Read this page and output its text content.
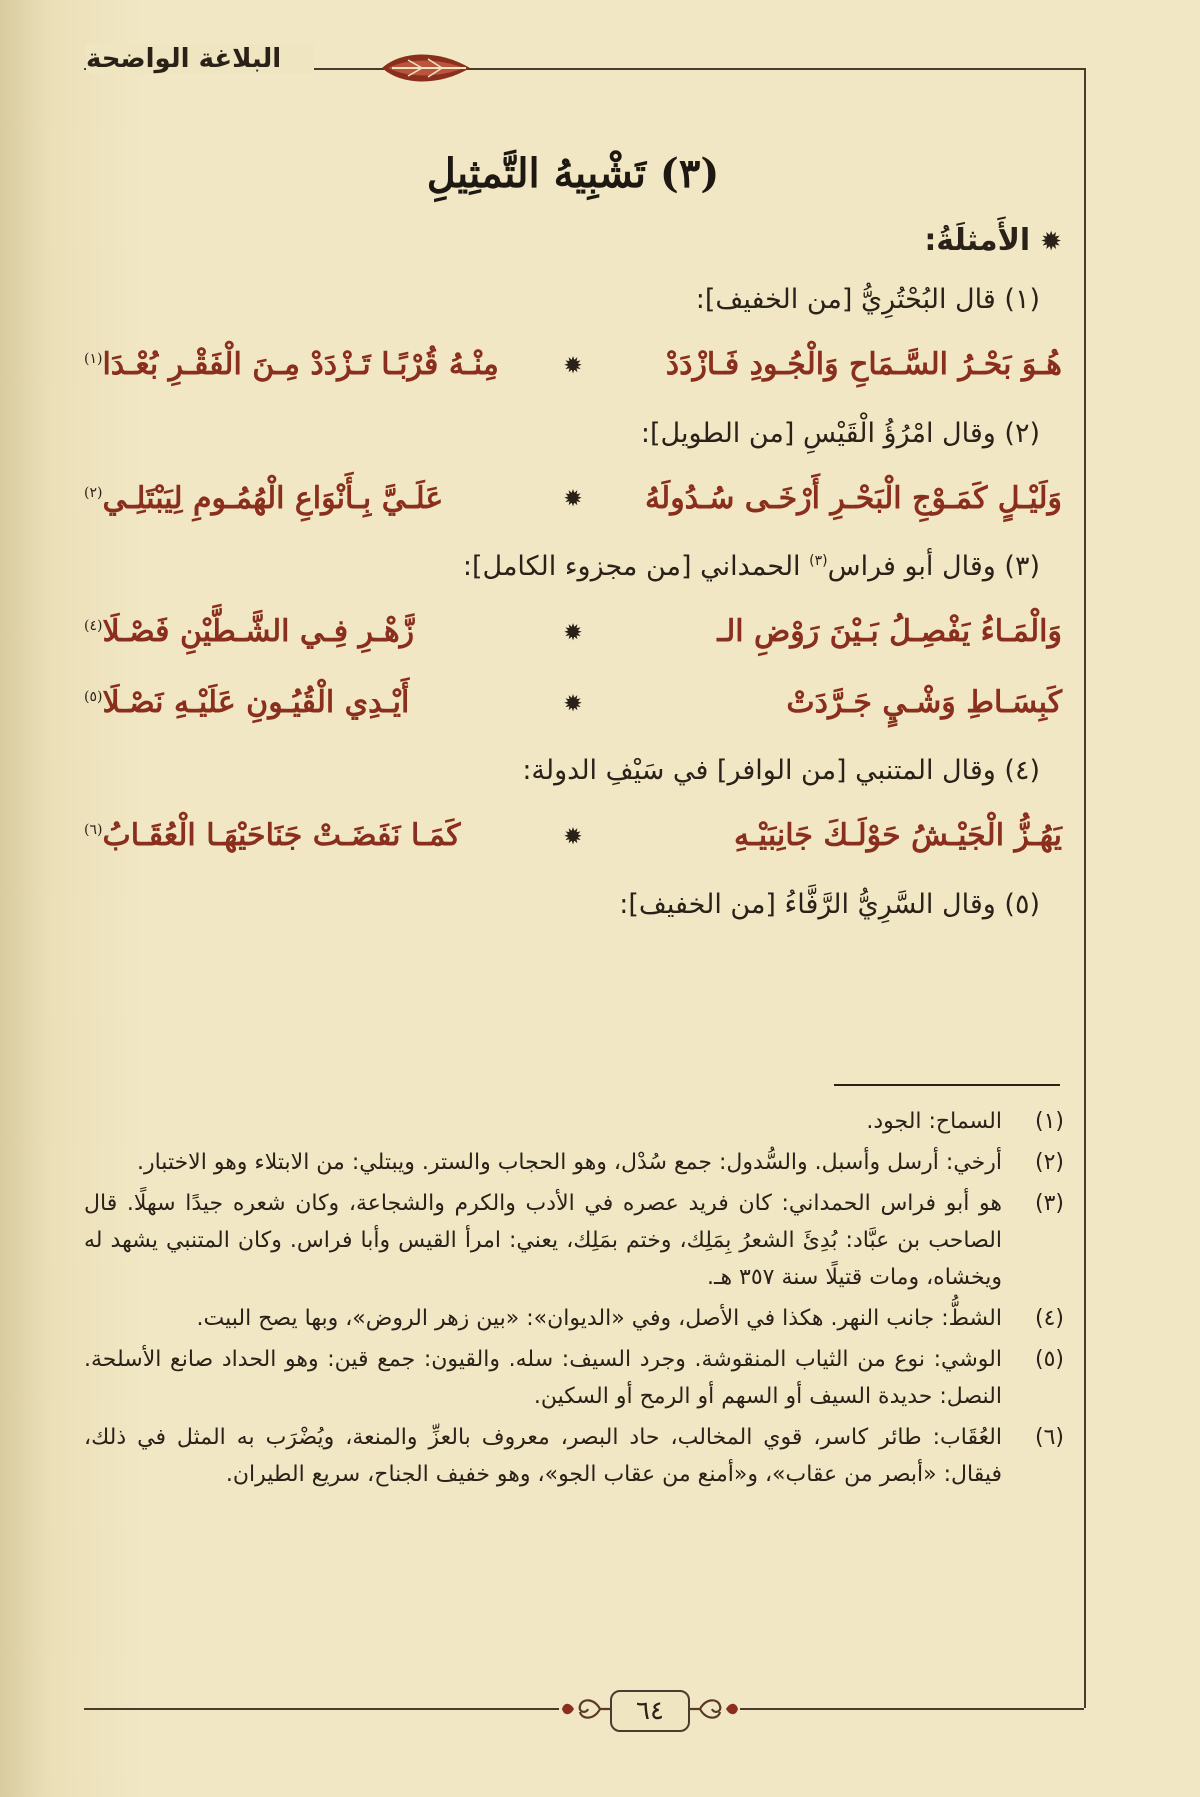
البلاغة الواضحة
(٣) تَشْبِيهُ التَّمثِيلِ
✹الأَمثلَةُ:
(١) قال البُحْتُرِيُّ [من الخفيف]:
هُـوَ بَحْـرُ السَّـمَاحِ وَالْجُـودِ فَـازْدَدْ
✹
مِنْـهُ قُرْبًـا تَـزْدَدْ مِـنَ الْفَقْـرِ بُعْـدَا$^{(١)}$
(٢) وقال امْرُؤُ الْقَيْسِ [من الطويل]:
وَلَيْـلٍ كَمَـوْجِ الْبَحْـرِ أَرْخَـى سُـدُولَهُ
✹
عَلَـيَّ بِـأَنْوَاعِ الْهُمُـومِ لِيَبْتَلِـي$^{(٢)}$
(٣) وقال أبو فراس$^{(٣)}$ الحمداني [من مجزوء الكامل]:
وَالْمَـاءُ يَفْصِـلُ بَـيْنَ رَوْضِ الـ
✹
زَّهْـرِ فِـي الشَّـطَّيْنِ فَصْـلَا$^{(٤)}$
كَبِسَـاطِ وَشْـيٍ جَـرَّدَتْ
✹
أَيْـدِي الْقُيُـونِ عَلَيْـهِ نَصْـلَا$^{(٥)}$
(٤) وقال المتنبي [من الوافر] في سَيْفِ الدولة:
يَهُـزُّ الْجَيْـشُ حَوْلَـكَ جَانِبَيْـهِ
✹
كَمَـا نَفَضَـتْ جَنَاحَيْهَـا الْعُقَـابُ$^{(٦)}$
(٥) وقال السَّرِيُّ الرَّفَّاءُ [من الخفيف]:
(١)
السماح: الجود.
(٢)
أرخي: أرسل وأسبل. والسُّدول: جمع سُدْل، وهو الحجاب والستر. ويبتلي: من الابتلاء وهو الاختبار.
(٣)
هو أبو فراس الحمداني: كان فريد عصره في الأدب والكرم والشجاعة، وكان شعره جيدًا سهلًا. قال الصاحب بن عبَّاد: بُدِئَ الشعرُ بِمَلِك، وختم بمَلِك، يعني: امرأ القيس وأبا فراس. وكان المتنبي يشهد له ويخشاه، ومات قتيلًا سنة ٣٥٧ هـ.
(٤)
الشطُّ: جانب النهر. هكذا في الأصل، وفي «الديوان»: «بين زهر الروض»، وبها يصح البيت.
(٥)
الوشي: نوع من الثياب المنقوشة. وجرد السيف: سله. والقيون: جمع قين: وهو الحداد صانع الأسلحة. النصل: حديدة السيف أو السهم أو الرمح أو السكين.
(٦)
العُقَاب: طائر كاسر، قوي المخالب، حاد البصر، معروف بالعزِّ والمنعة، ويُضْرَب به المثل في ذلك، فيقال: «أبصر من عقاب»، و«أمنع من عقاب الجو»، وهو خفيف الجناح، سريع الطيران.
٦٤
